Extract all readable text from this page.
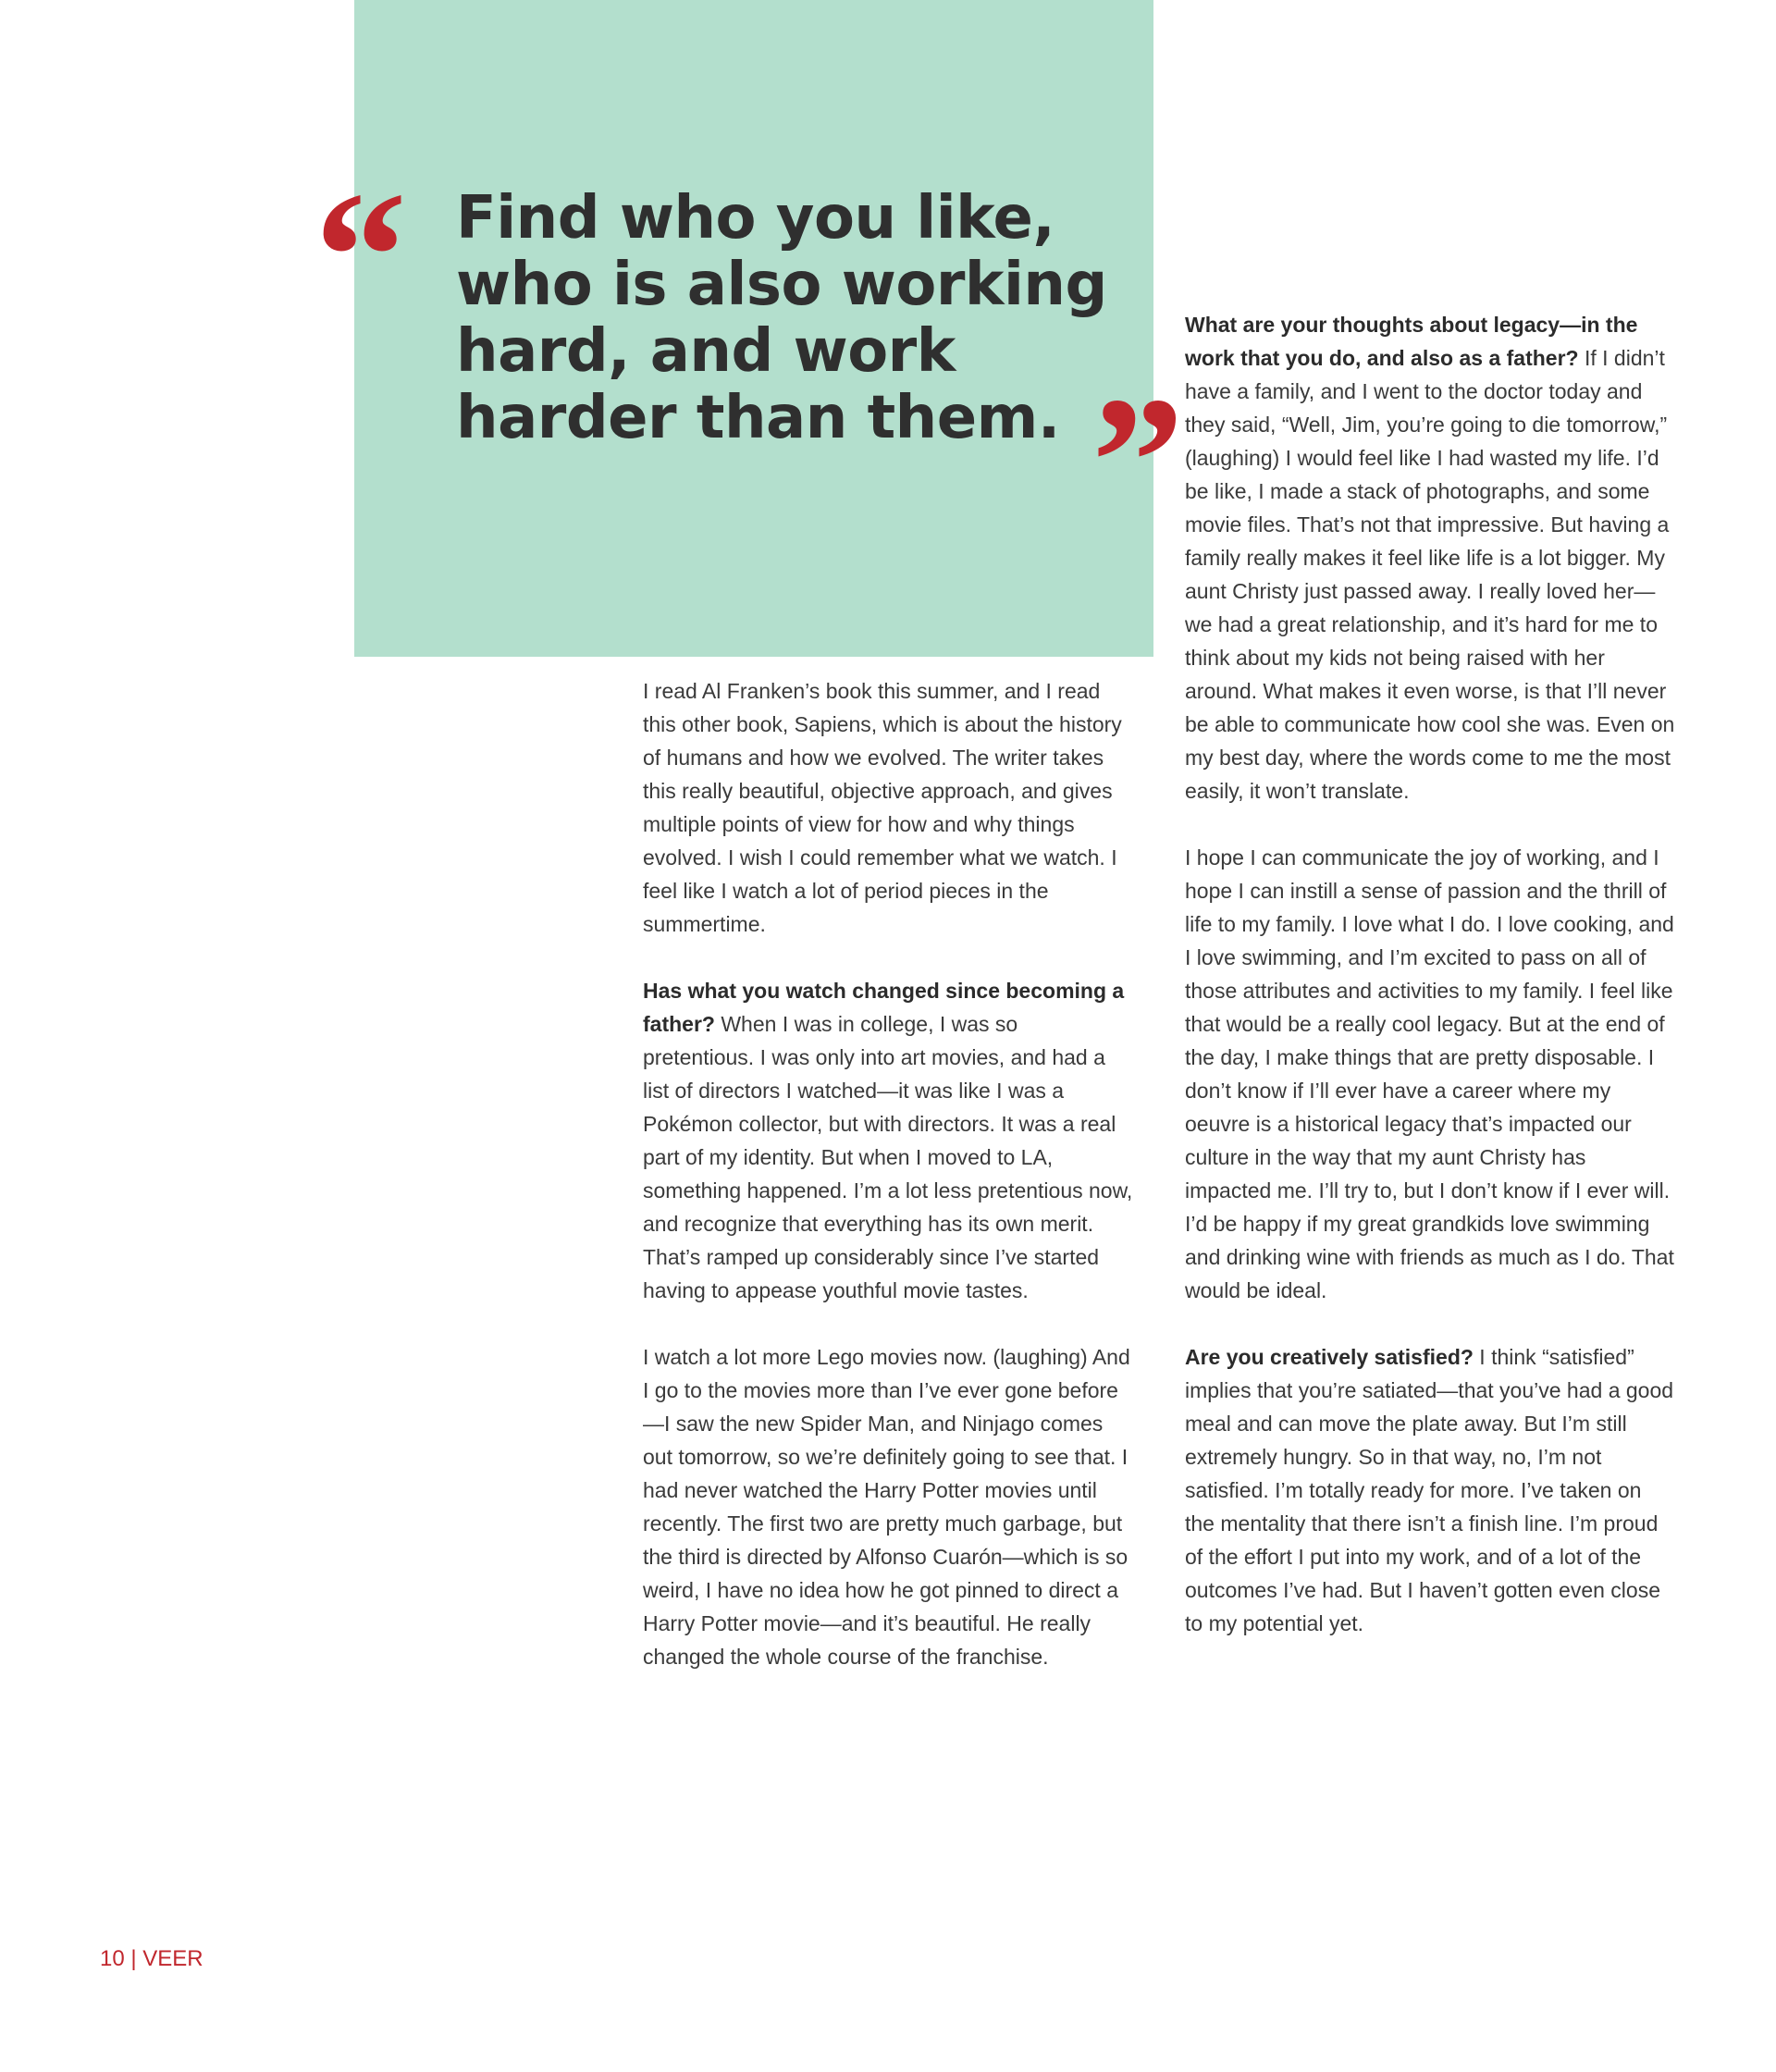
“ Find who you like, who is also working hard, and work harder than them. ”

I read Al Franken’s book this summer, and I read this other book, Sapiens, which is about the history of humans and how we evolved. The writer takes this really beautiful, objective approach, and gives multiple points of view for how and why things evolved. I wish I could remember what we watch. I feel like I watch a lot of period pieces in the summertime.

Has what you watch changed since becoming a father? When I was in college, I was so pretentious. I was only into art movies, and had a list of directors I watched—it was like I was a Pokémon collector, but with directors. It was a real part of my identity. But when I moved to LA, something happened. I’m a lot less pretentious now, and recognize that everything has its own merit. That’s ramped up considerably since I’ve started having to appease youthful movie tastes.

I watch a lot more Lego movies now. (laughing) And I go to the movies more than I’ve ever gone before—I saw the new Spider Man, and Ninjago comes out tomorrow, so we’re definitely going to see that. I had never watched the Harry Potter movies until recently. The first two are pretty much garbage, but the third is directed by Alfonso Cuarón—which is so weird, I have no idea how he got pinned to direct a Harry Potter movie—and it’s beautiful. He really changed the whole course of the franchise.

What are your thoughts about legacy—in the work that you do, and also as a father? If I didn’t have a family, and I went to the doctor today and they said, “Well, Jim, you’re going to die tomorrow,” (laughing) I would feel like I had wasted my life. I’d be like, I made a stack of photographs, and some movie files. That’s not that impressive. But having a family really makes it feel like life is a lot bigger. My aunt Christy just passed away. I really loved her—we had a great relationship, and it’s hard for me to think about my kids not being raised with her around. What makes it even worse, is that I’ll never be able to communicate how cool she was. Even on my best day, where the words come to me the most easily, it won’t translate.

I hope I can communicate the joy of working, and I hope I can instill a sense of passion and the thrill of life to my family. I love what I do. I love cooking, and I love swimming, and I’m excited to pass on all of those attributes and activities to my family. I feel like that would be a really cool legacy. But at the end of the day, I make things that are pretty disposable. I don’t know if I’ll ever have a career where my oeuvre is a historical legacy that’s impacted our culture in the way that my aunt Christy has impacted me. I’ll try to, but I don’t know if I ever will. I’d be happy if my great grandkids love swimming and drinking wine with friends as much as I do. That would be ideal.

Are you creatively satisfied? I think “satisfied” implies that you’re satiated—that you’ve had a good meal and can move the plate away. But I’m still extremely hungry. So in that way, no, I’m not satisfied. I’m totally ready for more. I’ve taken on the mentality that there isn’t a finish line. I’m proud of the effort I put into my work, and of a lot of the outcomes I’ve had. But I haven’t gotten even close to my potential yet.

10 | VEER
